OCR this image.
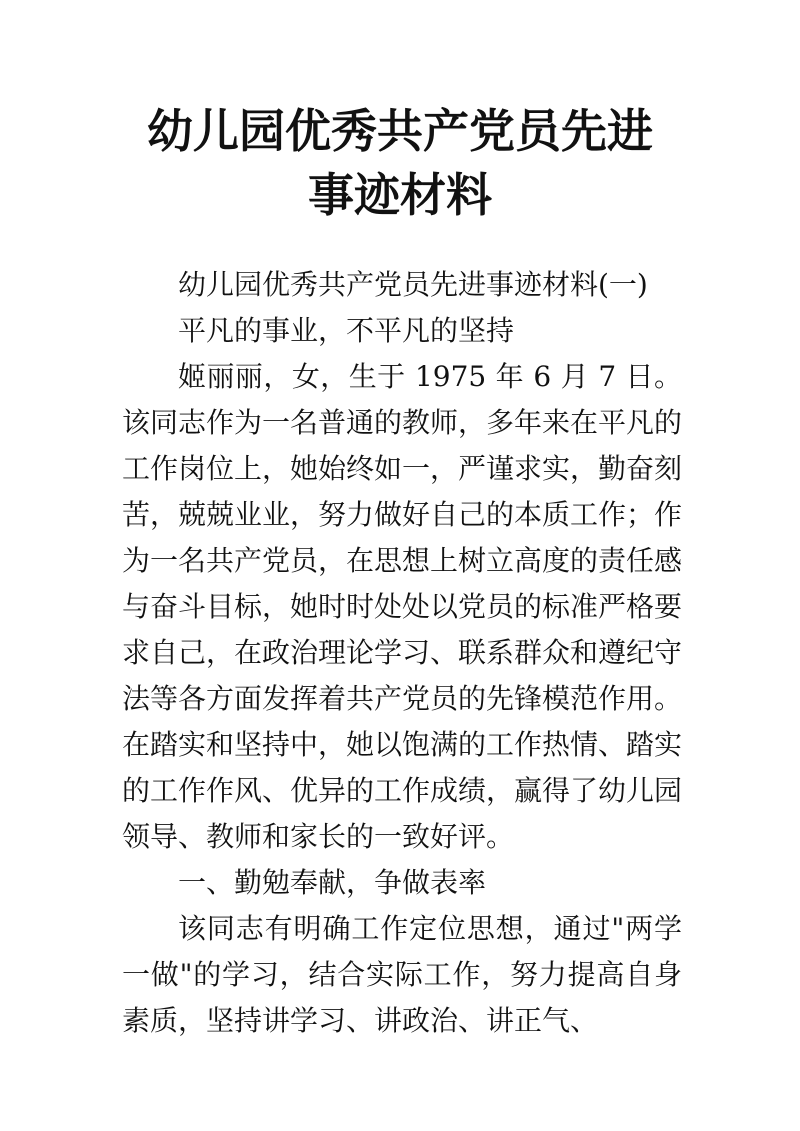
幼儿园优秀共产党员先进
事迹材料

幼儿园优秀共产党员先进事迹材料(一)

平凡的事业，不平凡的坚持

姬丽丽，女，生于 1975 年 6 月 7 日。该同志作为一名普通的教师，多年来在平凡的工作岗位上，她始终如一，严谨求实，勤奋刻苦，兢兢业业，努力做好自己的本质工作；作为一名共产党员，在思想上树立高度的责任感与奋斗目标，她时时处处以党员的标准严格要求自己，在政治理论学习、联系群众和遵纪守法等各方面发挥着共产党员的先锋模范作用。在踏实和坚持中，她以饱满的工作热情、踏实的工作作风、优异的工作成绩，赢得了幼儿园领导、教师和家长的一致好评。

一、勤勉奉献，争做表率

该同志有明确工作定位思想，通过"两学一做"的学习，结合实际工作，努力提高自身素质，坚持讲学习、讲政治、讲正气、
